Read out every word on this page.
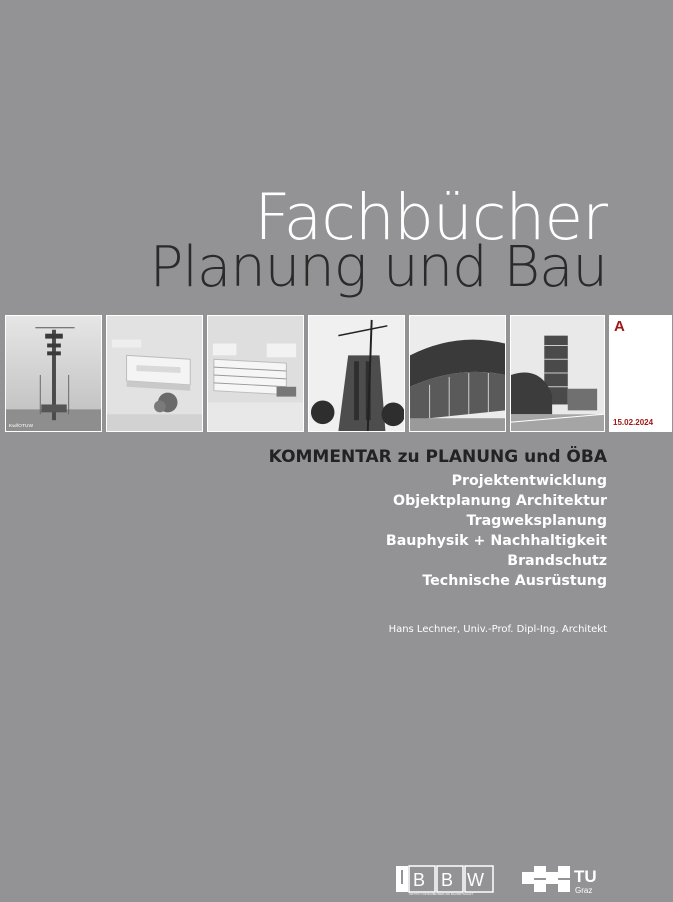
Fachbücher
Planung und Bau
Kw/lOTUW
A
15.02.2024
KOMMENTAR zu PLANUNG und ÖBA
Projektentwicklung
Objektplanung Architektur
Tragweksplanung
Bauphysik + Nachhaltigkeit
Brandschutz
Technische Ausrüstung
Hans Lechner, Univ.-Prof. Dipl-Ing. Architekt
B B W
INSTITUT FÜR BAUBETRIEB UND BAUWIRTSCHAFT
TU
Graz
